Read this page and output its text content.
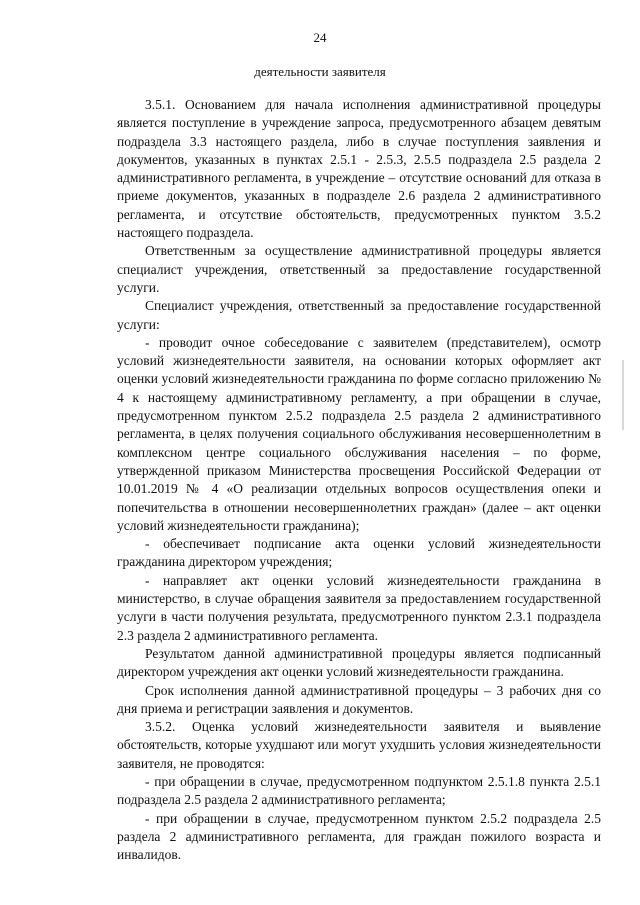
24
деятельности заявителя

3.5.1. Основанием для начала исполнения административной процедуры является поступление в учреждение запроса, предусмотренного абзацем девятым подраздела 3.3 настоящего раздела, либо в случае поступления заявления и документов, указанных в пунктах 2.5.1 - 2.5.3, 2.5.5 подраздела 2.5 раздела 2 административного регламента, в учреждение – отсутствие оснований для отказа в приеме документов, указанных в подразделе 2.6 раздела 2 административного регламента, и отсутствие обстоятельств, предусмотренных пунктом 3.5.2 настоящего подраздела.

Ответственным за осуществление административной процедуры является специалист учреждения, ответственный за предоставление государственной услуги.

Специалист учреждения, ответственный за предоставление государственной услуги:

- проводит очное собеседование с заявителем (представителем), осмотр условий жизнедеятельности заявителя, на основании которых оформляет акт оценки условий жизнедеятельности гражданина по форме согласно приложению № 4 к настоящему административному регламенту, а при обращении в случае, предусмотренном пунктом 2.5.2 подраздела 2.5 раздела 2 административного регламента, в целях получения социального обслуживания несовершеннолетним в комплексном центре социального обслуживания населения – по форме, утвержденной приказом Министерства просвещения Российской Федерации от 10.01.2019 № 4 «О реализации отдельных вопросов осуществления опеки и попечительства в отношении несовершеннолетних граждан» (далее – акт оценки условий жизнедеятельности гражданина);

- обеспечивает подписание акта оценки условий жизнедеятельности гражданина директором учреждения;

- направляет акт оценки условий жизнедеятельности гражданина в министерство, в случае обращения заявителя за предоставлением государственной услуги в части получения результата, предусмотренного пунктом 2.3.1 подраздела 2.3 раздела 2 административного регламента.

Результатом данной административной процедуры является подписанный директором учреждения акт оценки условий жизнедеятельности гражданина.

Срок исполнения данной административной процедуры – 3 рабочих дня со дня приема и регистрации заявления и документов.

3.5.2. Оценка условий жизнедеятельности заявителя и выявление обстоятельств, которые ухудшают или могут ухудшить условия жизнедеятельности заявителя, не проводятся:

- при обращении в случае, предусмотренном подпунктом 2.5.1.8 пункта 2.5.1 подраздела 2.5 раздела 2 административного регламента;

- при обращении в случае, предусмотренном пунктом 2.5.2 подраздела 2.5 раздела 2 административного регламента, для граждан пожилого возраста и инвалидов.
